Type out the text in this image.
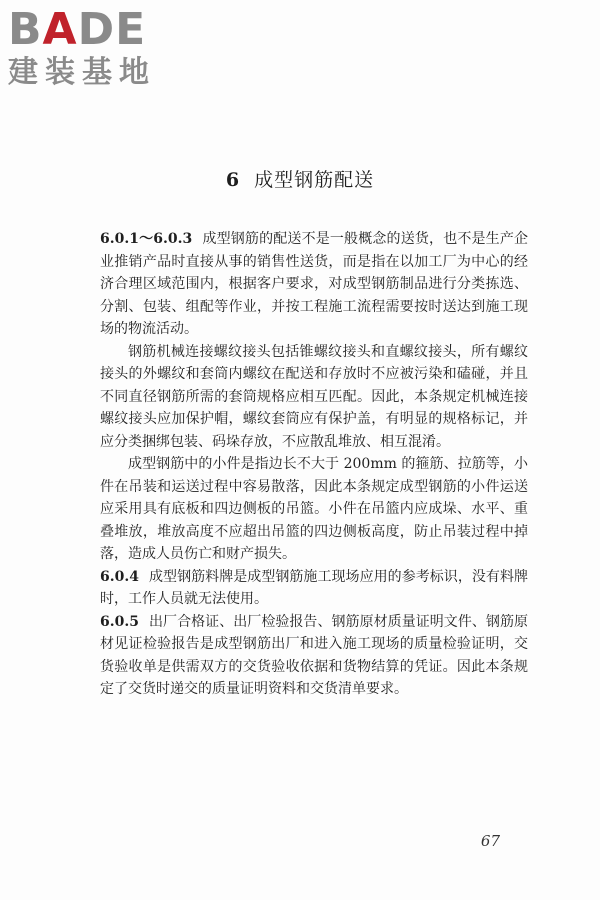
BADE
建装基地
6 成型钢筋配送

6.0.1～6.0.3 成型钢筋的配送不是一般概念的送货，也不是生产企业推销产品时直接从事的销售性送货，而是指在以加工厂为中心的经济合理区域范围内，根据客户要求，对成型钢筋制品进行分类拣选、分割、包装、组配等作业，并按工程施工流程需要按时送达到施工现场的物流活动。

钢筋机械连接螺纹接头包括锥螺纹接头和直螺纹接头，所有螺纹接头的外螺纹和套筒内螺纹在配送和存放时不应被污染和磕碰，并且不同直径钢筋所需的套筒规格应相互匹配。因此，本条规定机械连接螺纹接头应加保护帽，螺纹套筒应有保护盖，有明显的规格标记，并应分类捆绑包装、码垛存放，不应散乱堆放、相互混淆。

成型钢筋中的小件是指边长不大于 200mm 的箍筋、拉筋等，小件在吊装和运送过程中容易散落，因此本条规定成型钢筋的小件运送应采用具有底板和四边侧板的吊篮。小件在吊篮内应成垛、水平、重叠堆放，堆放高度不应超出吊篮的四边侧板高度，防止吊装过程中掉落，造成人员伤亡和财产损失。

6.0.4 成型钢筋料牌是成型钢筋施工现场应用的参考标识，没有料牌时，工作人员就无法使用。

6.0.5 出厂合格证、出厂检验报告、钢筋原材质量证明文件、钢筋原材见证检验报告是成型钢筋出厂和进入施工现场的质量检验证明，交货验收单是供需双方的交货验收依据和货物结算的凭证。因此本条规定了交货时递交的质量证明资料和交货清单要求。

67
